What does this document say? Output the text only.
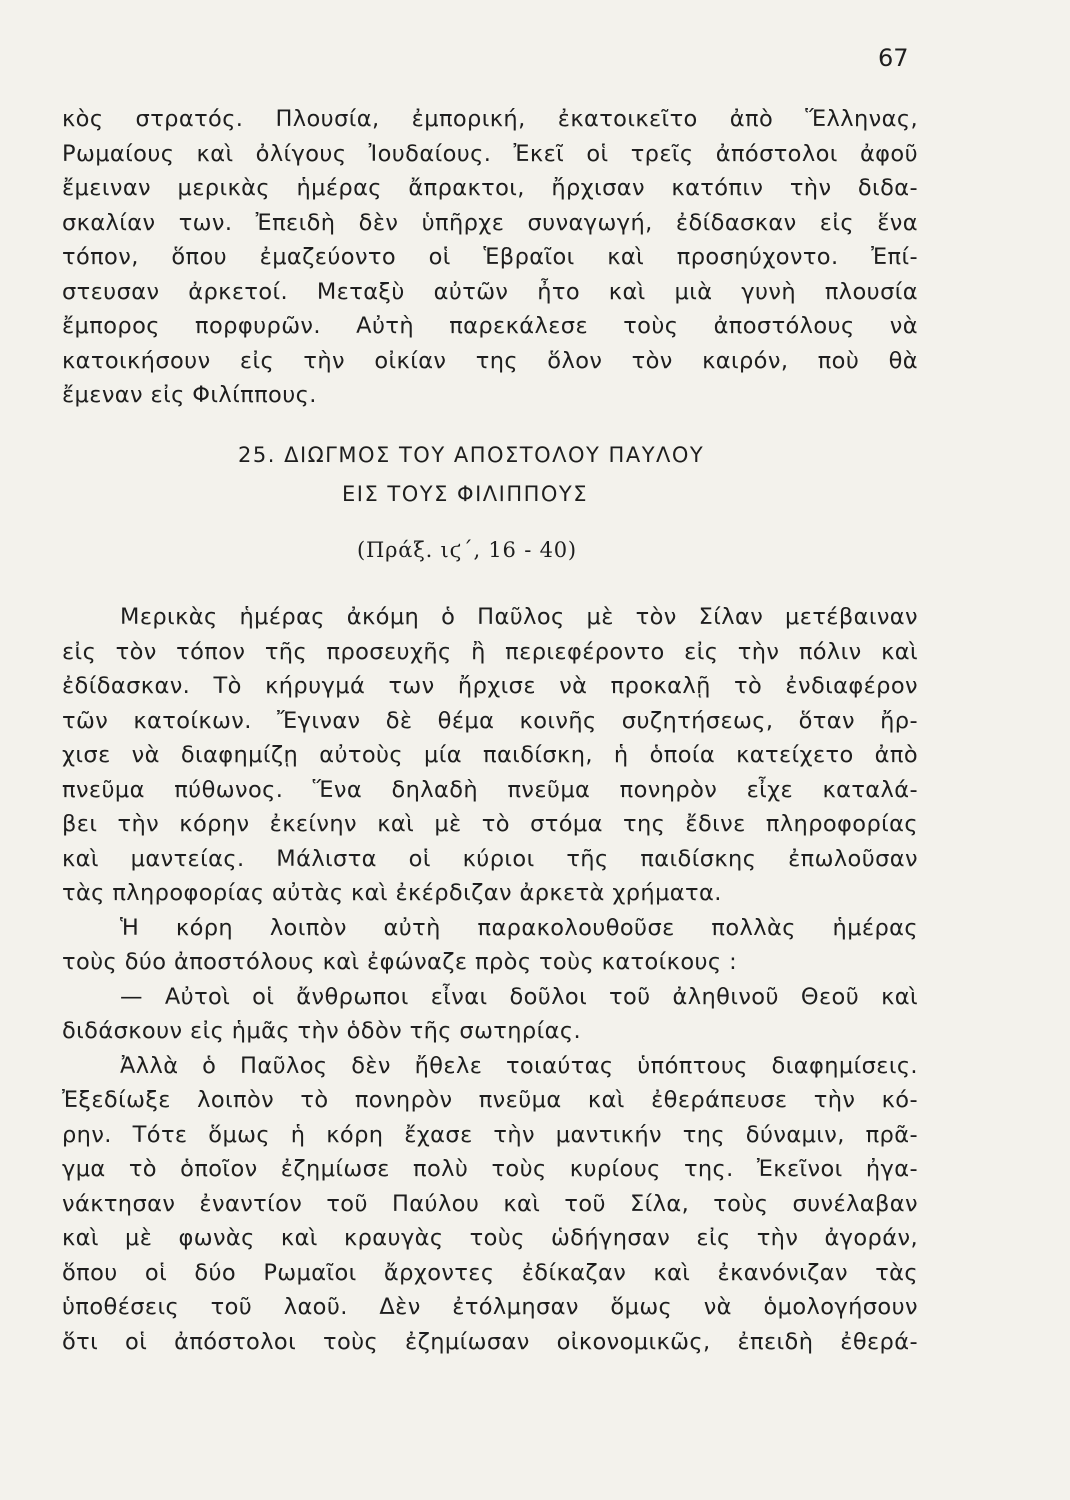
67
κὸς στρατός. Πλουσία, ἐμπορική, ἐκατοικεῖτο ἀπὸ Ἕλληνας,
Ρωμαίους καὶ ὀλίγους Ἰουδαίους. Ἐκεῖ οἱ τρεῖς ἀπόστολοι ἀφοῦ
ἔμειναν μερικὰς ἡμέρας ἄπρακτοι, ἤρχισαν κατόπιν τὴν διδα-
σκαλίαν των. Ἐπειδὴ δὲν ὑπῆρχε συναγωγή, ἐδίδασκαν εἰς ἕνα
τόπον, ὅπου ἐμαζεύοντο οἱ Ἑβραῖοι καὶ προσηύχοντο. Ἐπί-
στευσαν ἀρκετοί. Μεταξὺ αὐτῶν ἦτο καὶ μιὰ γυνὴ πλουσία
ἔμπορος πορφυρῶν. Αὐτὴ παρεκάλεσε τοὺς ἀποστόλους νὰ
κατοικήσουν εἰς τὴν οἰκίαν της ὅλον τὸν καιρόν, ποὺ θὰ
ἔμεναν εἰς Φιλίππους.
25. ΔΙΩΓΜΟΣ ΤΟΥ ΑΠΟΣΤΟΛΟΥ ΠΑΥΛΟΥ
ΕΙΣ ΤΟΥΣ ΦΙΛΙΠΠΟΥΣ
(Πράξ. ιϛ΄, 16 - 40)
Μερικὰς ἡμέρας ἀκόμη ὁ Παῦλος μὲ τὸν Σίλαν μετέβαιναν
εἰς τὸν τόπον τῆς προσευχῆς ἢ περιεφέροντο εἰς τὴν πόλιν καὶ
ἐδίδασκαν. Τὸ κήρυγμά των ἤρχισε νὰ προκαλῇ τὸ ἐνδιαφέρον
τῶν κατοίκων. Ἔγιναν δὲ θέμα κοινῆς συζητήσεως, ὅταν ἤρ-
χισε νὰ διαφημίζῃ αὐτοὺς μία παιδίσκη, ἡ ὁποία κατείχετο ἀπὸ
πνεῦμα πύθωνος. Ἕνα δηλαδὴ πνεῦμα πονηρὸν εἶχε καταλά-
βει τὴν κόρην ἐκείνην καὶ μὲ τὸ στόμα της ἔδινε πληροφορίας
καὶ μαντείας. Μάλιστα οἱ κύριοι τῆς παιδίσκης ἐπωλοῦσαν
τὰς πληροφορίας αὐτὰς καὶ ἐκέρδιζαν ἀρκετὰ χρήματα.
Ἡ κόρη λοιπὸν αὐτὴ παρακολουθοῦσε πολλὰς ἡμέρας
τοὺς δύο ἀποστόλους καὶ ἐφώναζε πρὸς τοὺς κατοίκους :
— Αὐτοὶ οἱ ἄνθρωποι εἶναι δοῦλοι τοῦ ἀληθινοῦ Θεοῦ καὶ
διδάσκουν εἰς ἡμᾶς τὴν ὁδὸν τῆς σωτηρίας.
Ἀλλὰ ὁ Παῦλος δὲν ἤθελε τοιαύτας ὑπόπτους διαφημίσεις.
Ἐξεδίωξε λοιπὸν τὸ πονηρὸν πνεῦμα καὶ ἐθεράπευσε τὴν κό-
ρην. Τότε ὅμως ἡ κόρη ἔχασε τὴν μαντικήν της δύναμιν, πρᾶ-
γμα τὸ ὁποῖον ἐζημίωσε πολὺ τοὺς κυρίους της. Ἐκεῖνοι ἠγα-
νάκτησαν ἐναντίον τοῦ Παύλου καὶ τοῦ Σίλα, τοὺς συνέλαβαν
καὶ μὲ φωνὰς καὶ κραυγὰς τοὺς ὡδήγησαν εἰς τὴν ἀγοράν,
ὅπου οἱ δύο Ρωμαῖοι ἄρχοντες ἐδίκαζαν καὶ ἐκανόνιζαν τὰς
ὑποθέσεις τοῦ λαοῦ. Δὲν ἐτόλμησαν ὅμως νὰ ὁμολογήσουν
ὅτι οἱ ἀπόστολοι τοὺς ἐζημίωσαν οἰκονομικῶς, ἐπειδὴ ἐθερά-
